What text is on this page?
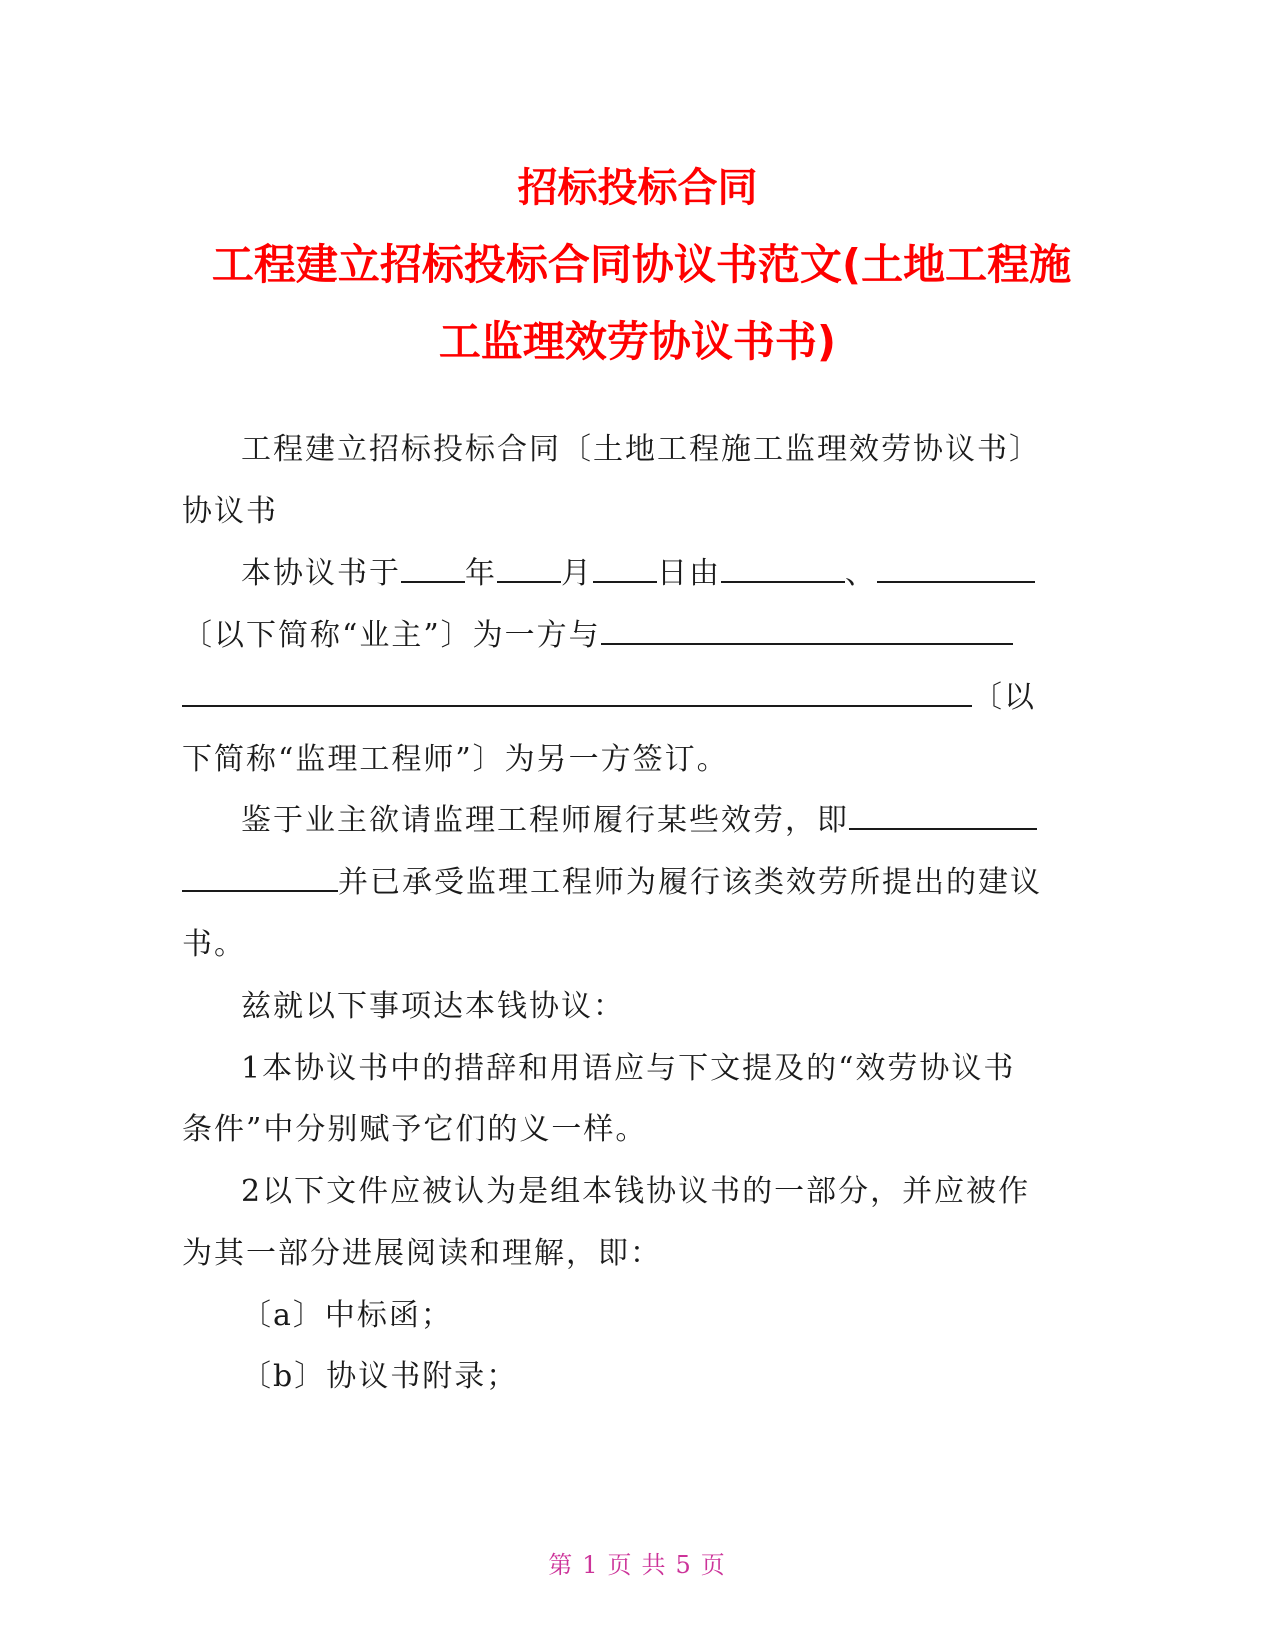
招标投标合同
工程建立招标投标合同协议书范文(土地工程施
工监理效劳协议书书)
工程建立招标投标合同〔土地工程施工监理效劳协议书〕
协议书
本协议书于 年 月 日由	、
〔以下简称“业主”〕为一方与
〔以
下简称“监理工程师”〕为另一方签订。
鉴于业主欲请监理工程师履行某些效劳，即
并已承受监理工程师为履行该类效劳所提出的建议
书。
兹就以下事项达本钱协议：
1本协议书中的措辞和用语应与下文提及的“效劳协议书
条件”中分别赋予它们的义一样。
2以下文件应被认为是组本钱协议书的一部分，并应被作
为其一部分进展阅读和理解，即：
〔a〕中标函；
〔b〕协议书附录；
第 1 页 共 5 页
